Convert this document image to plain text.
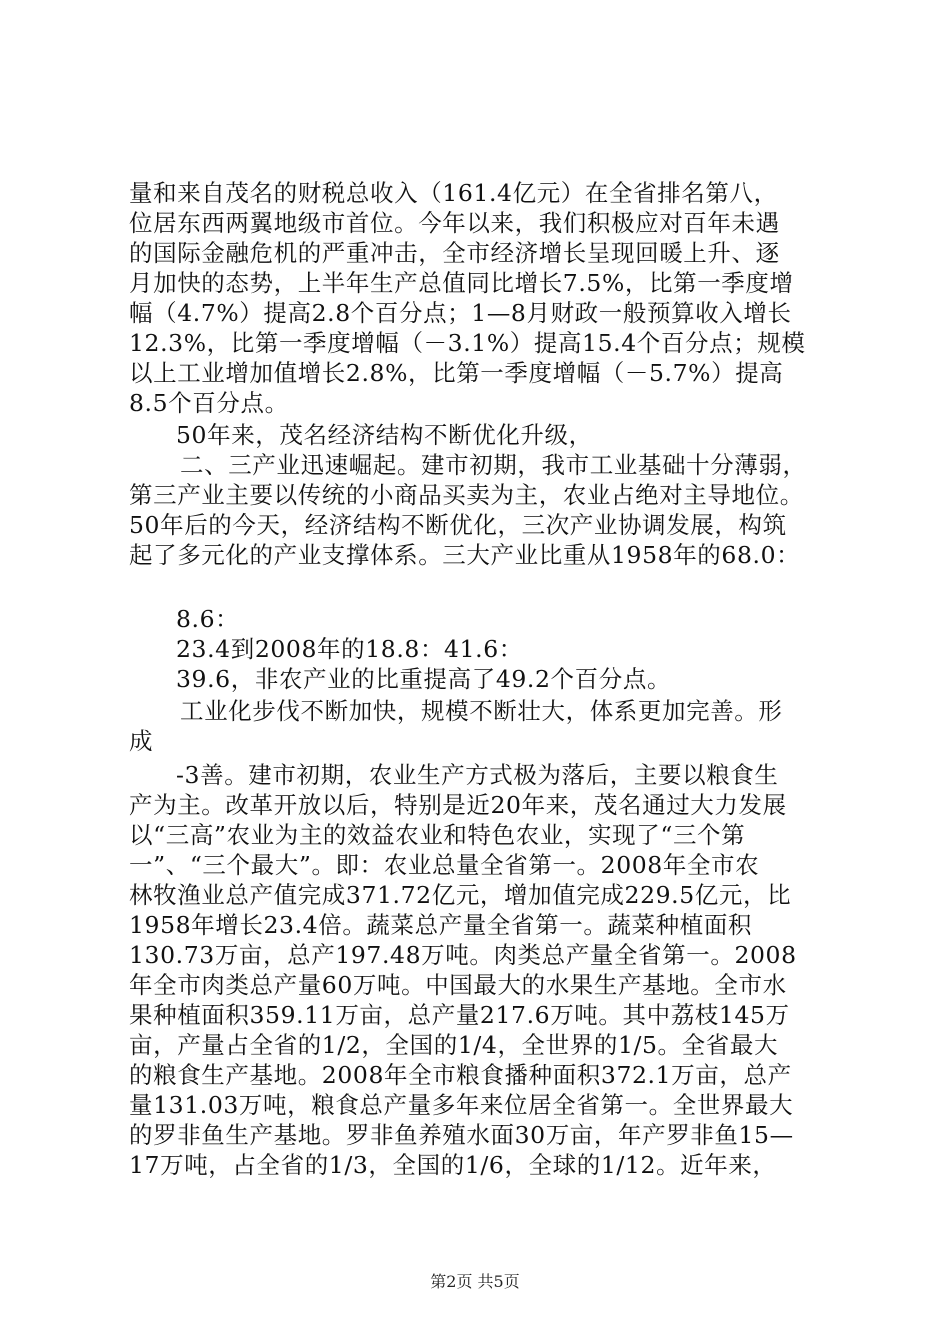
量和来自茂名的财税总收入（161.4亿元）在全省排名第八，
位居东西两翼地级市首位。今年以来，我们积极应对百年未遇
的国际金融危机的严重冲击，全市经济增长呈现回暖上升、逐
月加快的态势，上半年生产总值同比增长7.5%，比第一季度增
幅（4.7%）提高2.8个百分点；1—8月财政一般预算收入增长
12.3%，比第一季度增幅（－3.1%）提高15.4个百分点；规模
以上工业增加值增长2.8%，比第一季度增幅（－5.7%）提高
8.5个百分点。
50年来，茂名经济结构不断优化升级，
二、三产业迅速崛起。建市初期，我市工业基础十分薄弱，
第三产业主要以传统的小商品买卖为主，农业占绝对主导地位。
50年后的今天，经济结构不断优化，三次产业协调发展，构筑
起了多元化的产业支撑体系。三大产业比重从1958年的68.0：
8.6：
23.4到2008年的18.8：41.6：
39.6，非农产业的比重提高了49.2个百分点。
工业化步伐不断加快，规模不断壮大，体系更加完善。形
成
-3善。建市初期，农业生产方式极为落后，主要以粮食生
产为主。改革开放以后，特别是近20年来，茂名通过大力发展
以“三高”农业为主的效益农业和特色农业，实现了“三个第
一”、“三个最大”。即：农业总量全省第一。2008年全市农
林牧渔业总产值完成371.72亿元，增加值完成229.5亿元，比
1958年增长23.4倍。蔬菜总产量全省第一。蔬菜种植面积
130.73万亩，总产197.48万吨。肉类总产量全省第一。2008
年全市肉类总产量60万吨。中国最大的水果生产基地。全市水
果种植面积359.11万亩，总产量217.6万吨。其中荔枝145万
亩，产量占全省的1/2，全国的1/4，全世界的1/5。全省最大
的粮食生产基地。2008年全市粮食播种面积372.1万亩，总产
量131.03万吨，粮食总产量多年来位居全省第一。全世界最大
的罗非鱼生产基地。罗非鱼养殖水面30万亩，年产罗非鱼15—
17万吨，占全省的1/3，全国的1/6，全球的1/12。近年来，
第2页 共5页
